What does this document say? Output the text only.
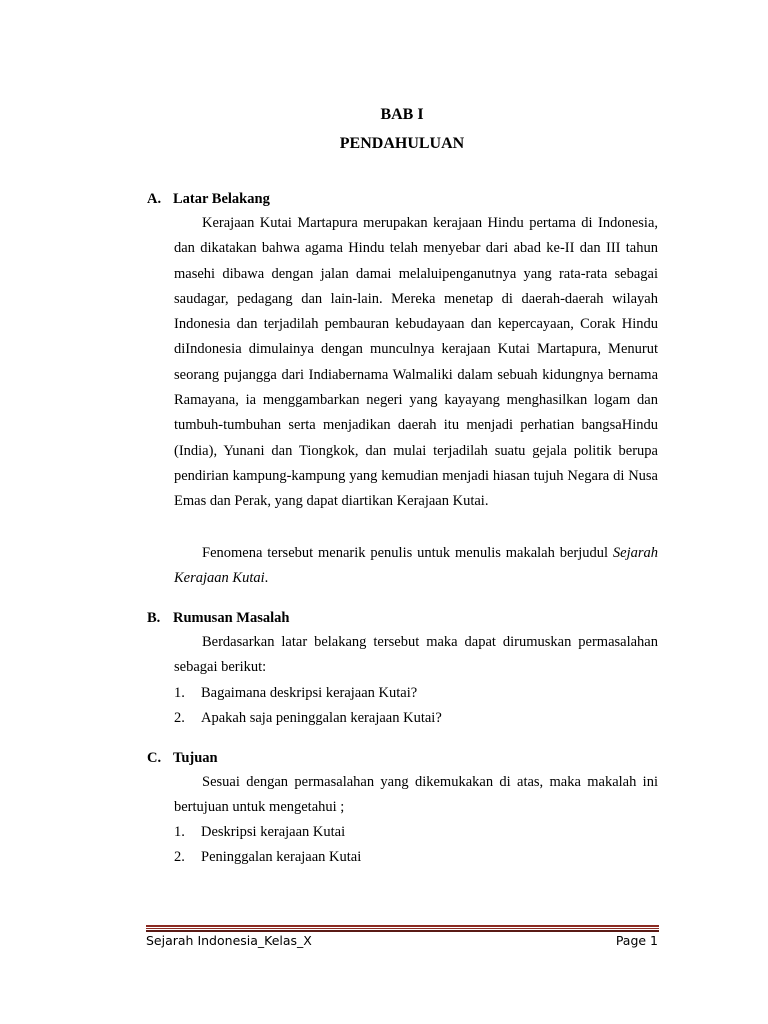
BAB I
PENDAHULUAN
A. Latar Belakang
Kerajaan Kutai Martapura merupakan kerajaan Hindu pertama di Indonesia, dan dikatakan bahwa agama Hindu telah menyebar dari abad ke-II dan III tahun masehi dibawa dengan jalan damai melaluipenganutnya yang rata-rata sebagai saudagar, pedagang dan lain-lain. Mereka menetap di daerah-daerah wilayah Indonesia dan terjadilah pembauran kebudayaan dan kepercayaan, Corak Hindu diIndonesia dimulainya dengan munculnya kerajaan Kutai Martapura, Menurut seorang pujangga dari Indiabernama Walmaliki dalam sebuah kidungnya bernama Ramayana, ia menggambarkan negeri yang kayayang menghasilkan logam dan tumbuh-tumbuhan serta menjadikan daerah itu menjadi perhatian bangsaHindu (India), Yunani dan Tiongkok, dan mulai terjadilah suatu gejala politik berupa pendirian kampung-kampung yang kemudian menjadi hiasan tujuh Negara di Nusa Emas dan Perak, yang dapat diartikan Kerajaan Kutai.
Fenomena tersebut menarik penulis untuk menulis makalah berjudul Sejarah Kerajaan Kutai.
B. Rumusan Masalah
Berdasarkan latar belakang tersebut maka dapat dirumuskan permasalahan sebagai berikut:
1. Bagaimana deskripsi kerajaan Kutai?
2. Apakah saja peninggalan kerajaan Kutai?
C. Tujuan
Sesuai dengan permasalahan yang dikemukakan di atas, maka makalah ini bertujuan untuk mengetahui ;
1. Deskripsi kerajaan Kutai
2. Peninggalan kerajaan Kutai
Sejarah Indonesia_Kelas_X	Page 1
